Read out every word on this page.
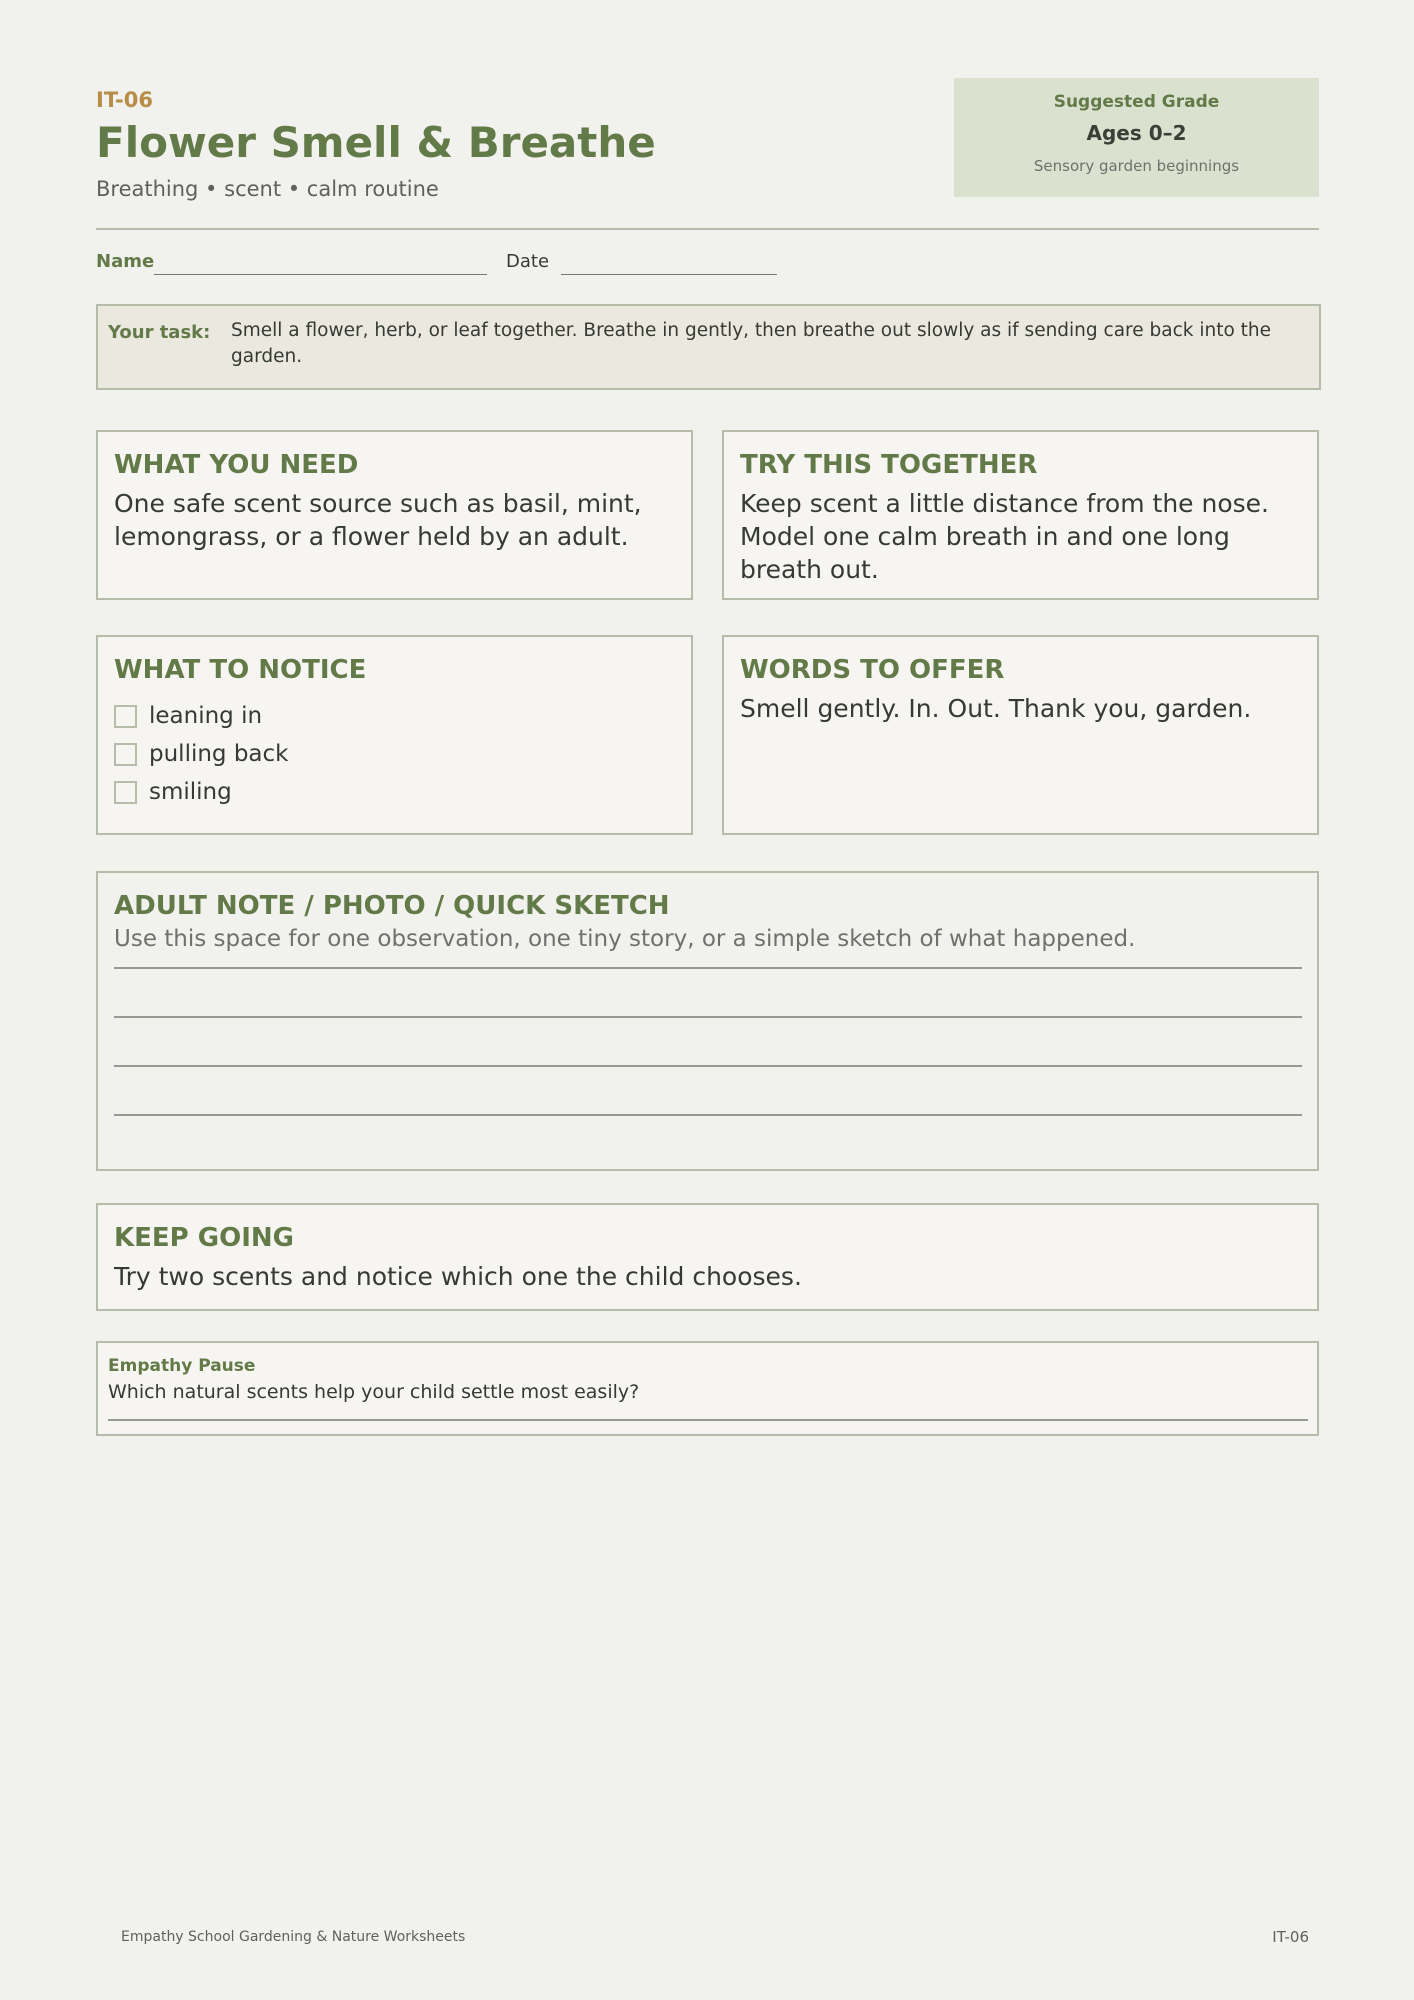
IT-06
Flower Smell & Breathe
Breathing • scent • calm routine
Suggested Grade
Ages 0–2
Sensory garden beginnings
Name	Date
Your task: Smell a flower, herb, or leaf together. Breathe in gently, then breathe out slowly as if sending care back into the garden.
WHAT YOU NEED
One safe scent source such as basil, mint, lemongrass, or a flower held by an adult.
TRY THIS TOGETHER
Keep scent a little distance from the nose. Model one calm breath in and one long breath out.
WHAT TO NOTICE
leaning in
pulling back
smiling
WORDS TO OFFER
Smell gently. In. Out. Thank you, garden.
ADULT NOTE / PHOTO / QUICK SKETCH
Use this space for one observation, one tiny story, or a simple sketch of what happened.
KEEP GOING
Try two scents and notice which one the child chooses.
Empathy Pause
Which natural scents help your child settle most easily?
Empathy School Gardening & Nature Worksheets	IT-06
